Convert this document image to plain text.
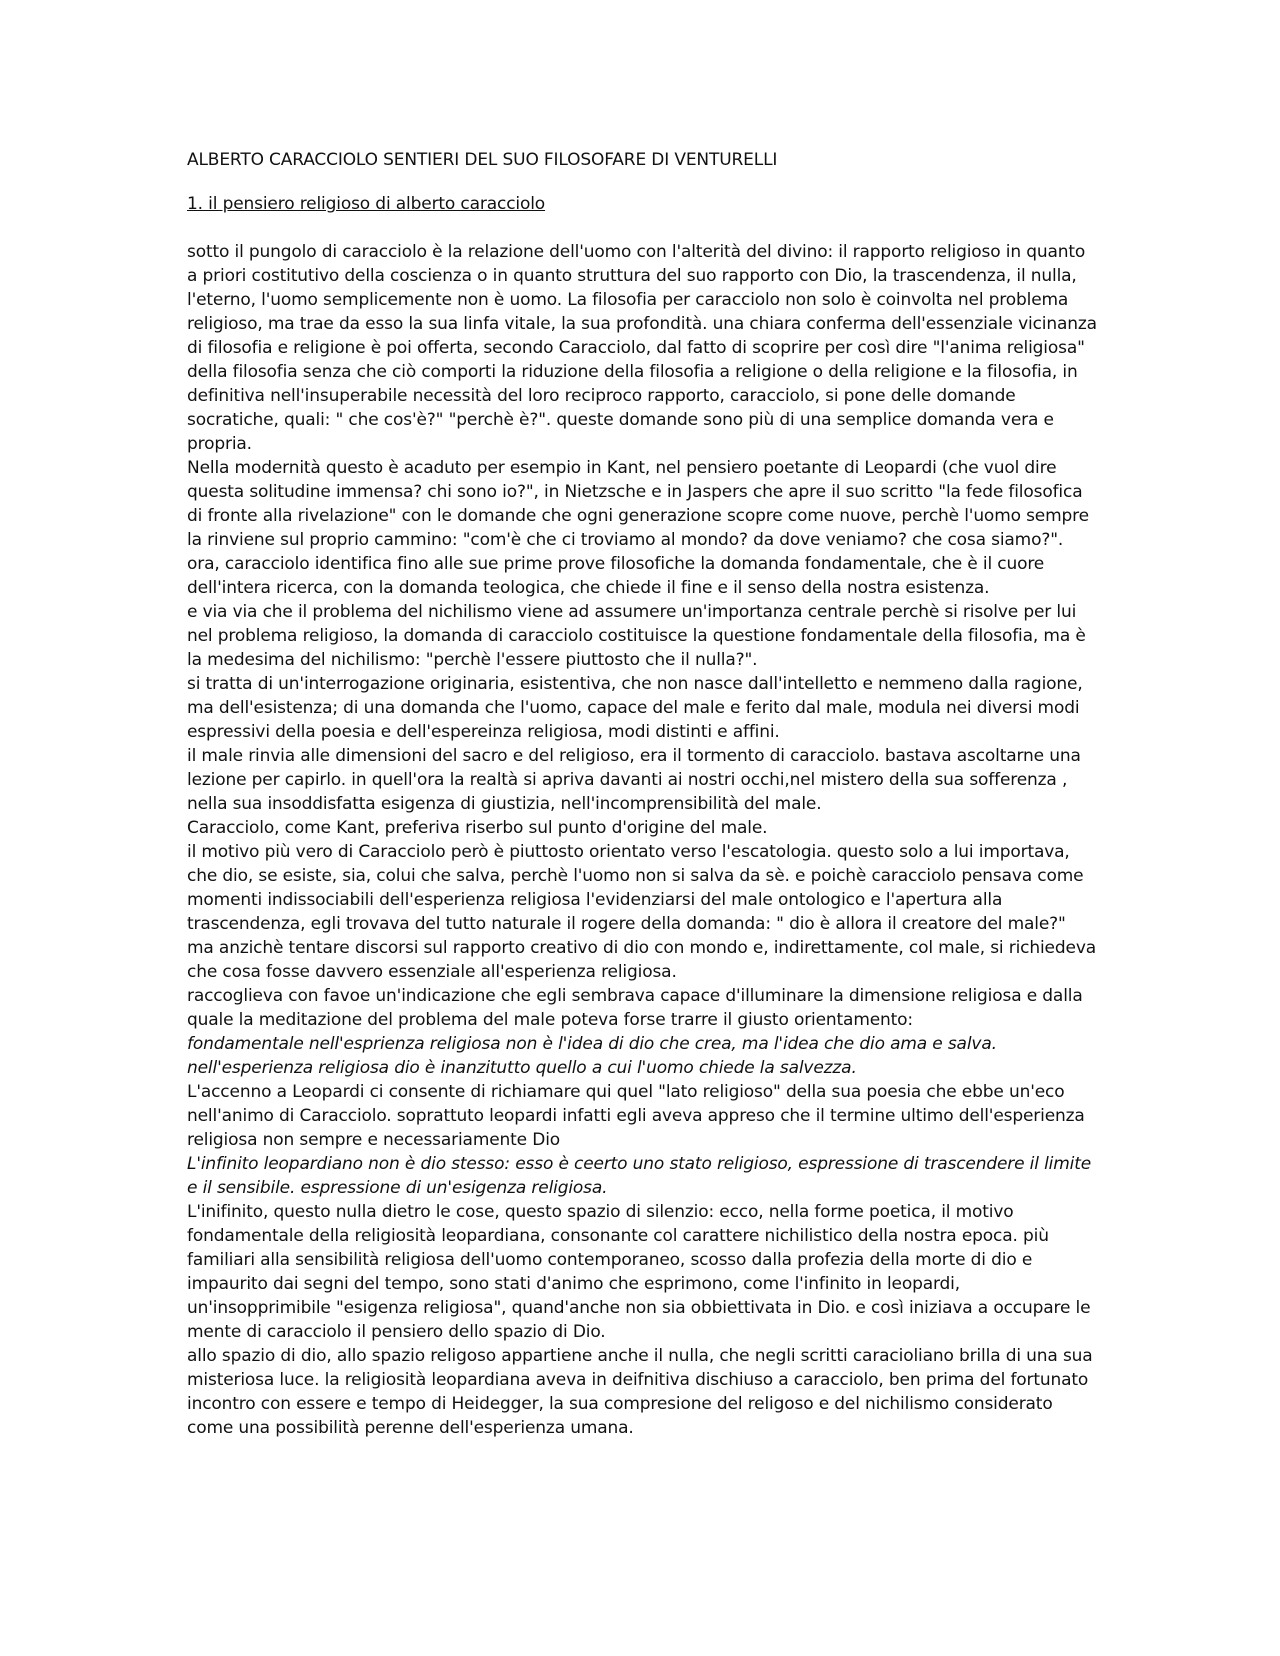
ALBERTO CARACCIOLO SENTIERI DEL SUO FILOSOFARE DI VENTURELLI
1. il pensiero religioso di alberto caracciolo

sotto il pungolo di caracciolo è la relazione dell'uomo con l'alterità del divino: il rapporto religioso in quanto a priori costitutivo della coscienza o in quanto struttura del suo rapporto con Dio, la trascendenza, il nulla, l'eterno, l'uomo semplicemente non è uomo. La filosofia per caracciolo non solo è coinvolta nel problema religioso, ma trae da esso la sua linfa vitale, la sua profondità. una chiara conferma dell'essenziale vicinanza di filosofia e religione è poi offerta, secondo Caracciolo, dal fatto di scoprire per così dire "l'anima religiosa" della filosofia senza che ciò comporti la riduzione della filosofia a religione o della religione e la filosofia, in definitiva nell'insuperabile necessità del loro reciproco rapporto, caracciolo, si pone delle domande socratiche, quali: " che cos'è?" "perchè è?". queste domande sono più di una semplice domanda vera e propria.

Nella modernità questo è acaduto per esempio in Kant, nel pensiero poetante di Leopardi (che vuol dire questa solitudine immensa? chi sono io?", in Nietzsche e in Jaspers che apre il suo scritto "la fede filosofica di fronte alla rivelazione" con le domande che ogni generazione scopre come nuove, perchè l'uomo sempre la rinviene sul proprio cammino: "com'è che ci troviamo al mondo? da dove veniamo? che cosa siamo?".

ora, caracciolo identifica fino alle sue prime prove filosofiche la domanda fondamentale, che è il cuore dell'intera ricerca, con la domanda teologica, che chiede il fine e il senso della nostra esistenza.

e via via che il problema del nichilismo viene ad assumere un'importanza centrale perchè si risolve per lui nel problema religioso, la domanda di caracciolo costituisce la questione fondamentale della filosofia, ma è la medesima del nichilismo: "perchè l'essere piuttosto che il nulla?".

si tratta di un'interrogazione originaria, esistentiva, che non nasce dall'intelletto e nemmeno dalla ragione, ma dell'esistenza; di una domanda che l'uomo, capace del male e ferito dal male, modula nei diversi modi espressivi della poesia e dell'espereinza religiosa, modi distinti e affini.

il male rinvia alle dimensioni del sacro e del religioso, era il tormento di caracciolo. bastava ascoltarne una lezione per capirlo. in quell'ora la realtà si apriva davanti ai nostri occhi,nel mistero della sua sofferenza , nella sua insoddisfatta esigenza di giustizia, nell'incomprensibilità del male.

Caracciolo, come Kant, preferiva riserbo sul punto d'origine del male.

il motivo più vero di Caracciolo però è piuttosto orientato verso l'escatologia. questo solo a lui importava, che dio, se esiste, sia, colui che salva, perchè l'uomo non si salva da sè. e poichè caracciolo pensava come momenti indissociabili dell'esperienza religiosa l'evidenziarsi del male ontologico e l'apertura alla trascendenza, egli trovava del tutto naturale il rogere della domanda: " dio è allora il creatore del male?" ma anzichè tentare discorsi sul rapporto creativo di dio con mondo e, indirettamente, col male, si richiedeva che cosa fosse davvero essenziale all'esperienza religiosa.

raccoglieva con favoe un'indicazione che egli sembrava capace d'illuminare la dimensione religiosa e dalla quale la meditazione del problema del male poteva forse trarre il giusto orientamento:

fondamentale nell'esprienza religiosa non è l'idea di dio che crea, ma l'idea che dio ama e salva.

nell'esperienza religiosa dio è inanzitutto quello a cui l'uomo chiede la salvezza.

L'accenno a Leopardi ci consente di richiamare qui quel "lato religioso" della sua poesia che ebbe un'eco nell'animo di Caracciolo. soprattuto leopardi infatti egli aveva appreso che il termine ultimo dell'esperienza religiosa non sempre e necessariamente Dio

L'infinito leopardiano non è dio stesso: esso è ceerto uno stato religioso, espressione di trascendere il limite e il sensibile. espressione di un'esigenza religiosa.

L'inifinito, questo nulla dietro le cose, questo spazio di silenzio: ecco, nella forme poetica, il motivo fondamentale della religiosità leopardiana, consonante col carattere nichilistico della nostra epoca. più familiari alla sensibilità religiosa dell'uomo contemporaneo, scosso dalla profezia della morte di dio e impaurito dai segni del tempo, sono stati d'animo che esprimono, come l'infinito in leopardi, un'insopprimibile "esigenza religiosa", quand'anche non sia obbiettivata in Dio. e così iniziava a occupare le mente di caracciolo il pensiero dello spazio di Dio.

allo spazio di dio, allo spazio religoso appartiene anche il nulla, che negli scritti caracioliano brilla di una sua misteriosa luce. la religiosità leopardiana aveva in deifnitiva dischiuso a caracciolo, ben prima del fortunato incontro con essere e tempo di Heidegger, la sua compresione del religoso e del nichilismo considerato come una possibilità perenne dell'esperienza umana.
